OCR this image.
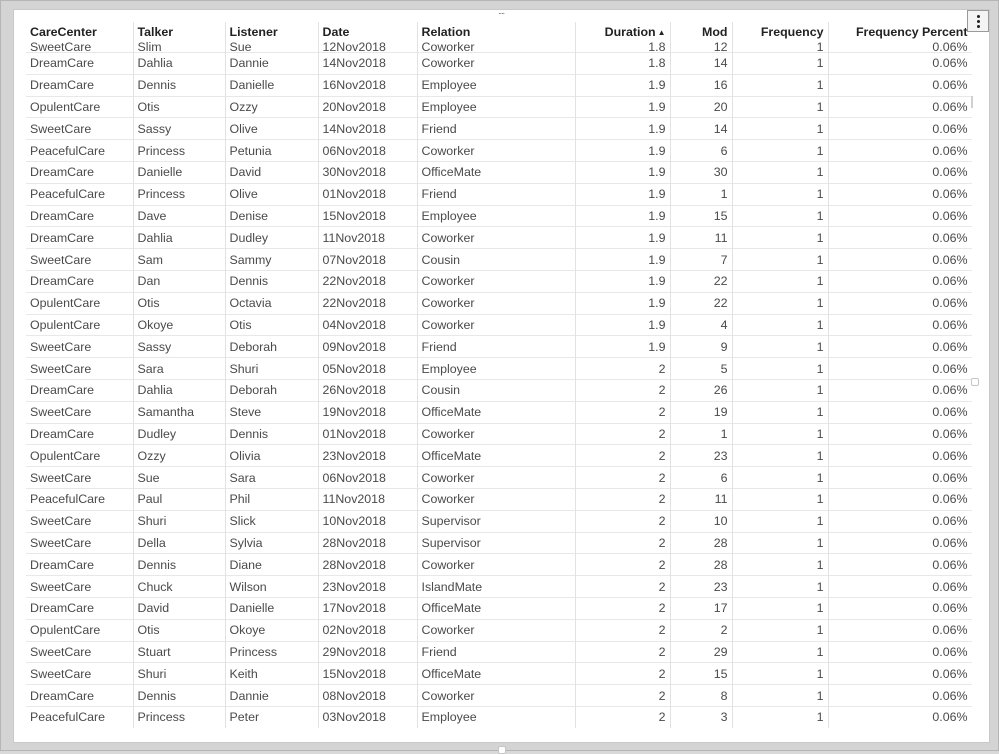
∙∙∙∙
CareCenter	Talker	Listener	Date	Relation	Duration ▲	Mod	Frequency	Frequency Percent
SweetCare	Slim	Sue	12Nov2018	Coworker	1.8	12	1	0.06%
DreamCare	Dahlia	Dannie	14Nov2018	Coworker	1.8	14	1	0.06%
DreamCare	Dennis	Danielle	16Nov2018	Employee	1.9	16	1	0.06%
OpulentCare	Otis	Ozzy	20Nov2018	Employee	1.9	20	1	0.06%
SweetCare	Sassy	Olive	14Nov2018	Friend	1.9	14	1	0.06%
PeacefulCare	Princess	Petunia	06Nov2018	Coworker	1.9	6	1	0.06%
DreamCare	Danielle	David	30Nov2018	OfficeMate	1.9	30	1	0.06%
PeacefulCare	Princess	Olive	01Nov2018	Friend	1.9	1	1	0.06%
DreamCare	Dave	Denise	15Nov2018	Employee	1.9	15	1	0.06%
DreamCare	Dahlia	Dudley	11Nov2018	Coworker	1.9	11	1	0.06%
SweetCare	Sam	Sammy	07Nov2018	Cousin	1.9	7	1	0.06%
DreamCare	Dan	Dennis	22Nov2018	Coworker	1.9	22	1	0.06%
OpulentCare	Otis	Octavia	22Nov2018	Coworker	1.9	22	1	0.06%
OpulentCare	Okoye	Otis	04Nov2018	Coworker	1.9	4	1	0.06%
SweetCare	Sassy	Deborah	09Nov2018	Friend	1.9	9	1	0.06%
SweetCare	Sara	Shuri	05Nov2018	Employee	2	5	1	0.06%
DreamCare	Dahlia	Deborah	26Nov2018	Cousin	2	26	1	0.06%
SweetCare	Samantha	Steve	19Nov2018	OfficeMate	2	19	1	0.06%
DreamCare	Dudley	Dennis	01Nov2018	Coworker	2	1	1	0.06%
OpulentCare	Ozzy	Olivia	23Nov2018	OfficeMate	2	23	1	0.06%
SweetCare	Sue	Sara	06Nov2018	Coworker	2	6	1	0.06%
PeacefulCare	Paul	Phil	11Nov2018	Coworker	2	11	1	0.06%
SweetCare	Shuri	Slick	10Nov2018	Supervisor	2	10	1	0.06%
SweetCare	Della	Sylvia	28Nov2018	Supervisor	2	28	1	0.06%
DreamCare	Dennis	Diane	28Nov2018	Coworker	2	28	1	0.06%
SweetCare	Chuck	Wilson	23Nov2018	IslandMate	2	23	1	0.06%
DreamCare	David	Danielle	17Nov2018	OfficeMate	2	17	1	0.06%
OpulentCare	Otis	Okoye	02Nov2018	Coworker	2	2	1	0.06%
SweetCare	Stuart	Princess	29Nov2018	Friend	2	29	1	0.06%
SweetCare	Shuri	Keith	15Nov2018	OfficeMate	2	15	1	0.06%
DreamCare	Dennis	Dannie	08Nov2018	Coworker	2	8	1	0.06%
PeacefulCare	Princess	Peter	03Nov2018	Employee	2	3	1	0.06%
